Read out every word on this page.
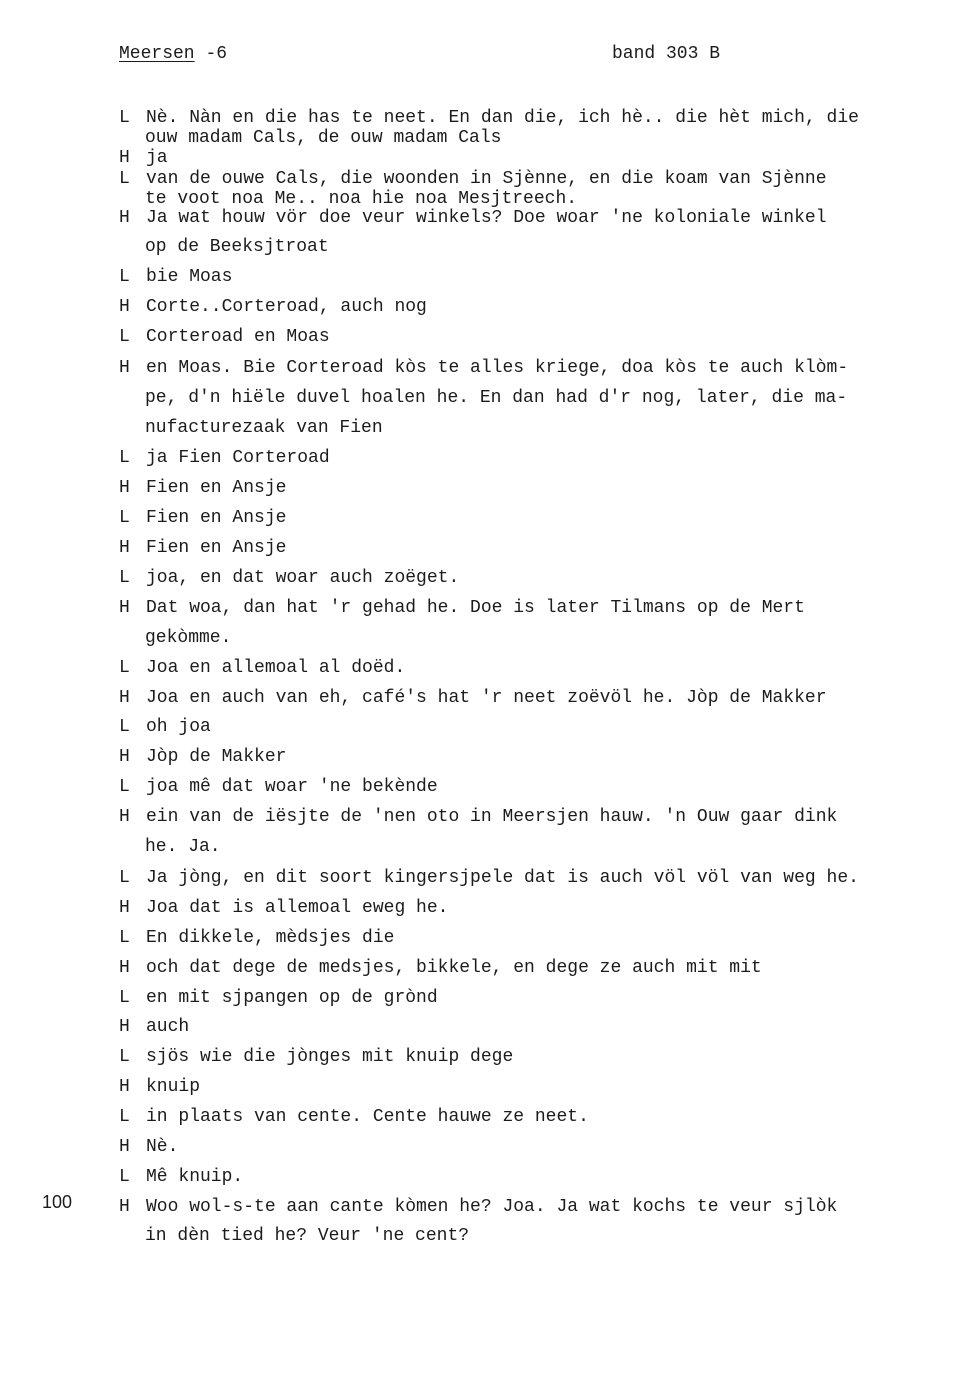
Meersen -6	band 303 B
L Nè. Nàn en die has te neet. En dan die, ich hè.. die hèt mich, die
ouw madam Cals, de ouw madam Cals
H ja
L van de ouwe Cals, die woonden in Sjènne, en die koam van Sjènne
te voot noa Me.. noa hie noa Mesjtreech.
H Ja wat houw vör doe veur winkels? Doe woar 'ne koloniale winkel
op de Beeksjtroat
L bie Moas
H Corte..Corteroad, auch nog
L Corteroad en Moas
H en Moas. Bie Corteroad kòs te alles kriege, doa kòs te auch klòm-
pe, d'n hiële duvel hoalen he. En dan had d'r nog, later, die ma-
nufacturezaak van Fien
L ja Fien Corteroad
H Fien en Ansje
L Fien en Ansje
H Fien en Ansje
L joa, en dat woar auch zoëget.
H Dat woa, dan hat 'r gehad he. Doe is later Tilmans op de Mert
gekòmme.
L Joa en allemoal al doëd.
H Joa en auch van eh, café's hat 'r neet zoëvöl he. Jòp de Makker
L oh joa
H Jòp de Makker
L joa mê dat woar 'ne bekènde
H ein van de iësjte de 'nen oto in Meersjen hauw. 'n Ouw gaar dink
he. Ja.
L Ja jòng, en dit soort kingersjpele dat is auch völ völ van weg he.
H Joa dat is allemoal eweg he.
L En dikkele, mèdsjes die
H och dat dege de medsjes, bikkele, en dege ze auch mit mit
L en mit sjpangen op de grònd
H auch
L sjös wie die jònges mit knuip dege
H knuip
L in plaats van cente. Cente hauwe ze neet.
H Nè.
L Mê knuip.
H Woo wol-s-te aan cante kòmen he? Joa. Ja wat kochs te veur sjlòk
in dèn tied he? Veur 'ne cent?
100
